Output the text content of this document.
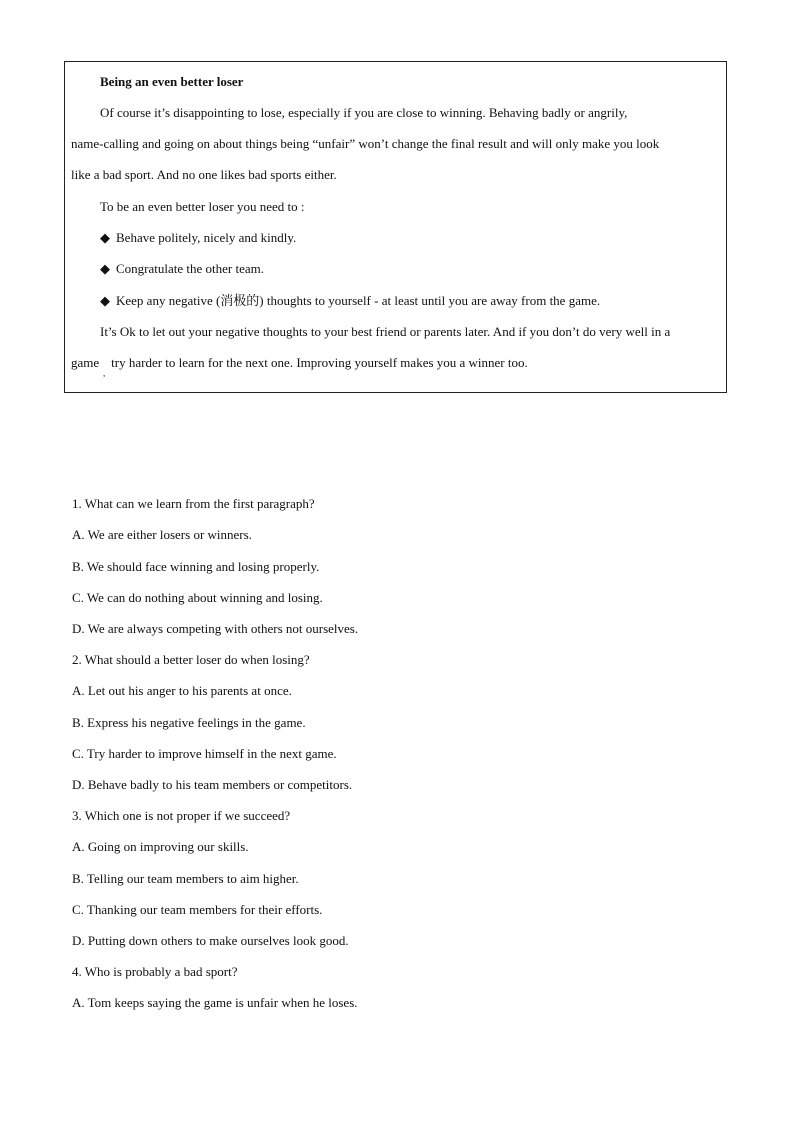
Being an even better loser
Of course it’s disappointing to lose, especially if you are close to winning. Behaving badly or angrily,
name-calling and going on about things being “unfair” won’t change the final result and will only make you look
like a bad sport. And no one likes bad sports either.
To be an even better loser you need to :
◆ Behave politely, nicely and kindly.
◆ Congratulate the other team.
◆ Keep any negative (消极的) thoughts to yourself - at least until you are away from the game.
It’s Ok to let out your negative thoughts to your best friend or parents later. And if you don’t do very well in a
game try harder to learn for the next one. Improving yourself makes you a winner too.
,
1. What can we learn from the first paragraph?
A. We are either losers or winners.
B. We should face winning and losing properly.
C. We can do nothing about winning and losing.
D. We are always competing with others not ourselves.
2. What should a better loser do when losing?
A. Let out his anger to his parents at once.
B. Express his negative feelings in the game.
C. Try harder to improve himself in the next game.
D. Behave badly to his team members or competitors.
3. Which one is not proper if we succeed?
A. Going on improving our skills.
B. Telling our team members to aim higher.
C. Thanking our team members for their efforts.
D. Putting down others to make ourselves look good.
4. Who is probably a bad sport?
A. Tom keeps saying the game is unfair when he loses.
